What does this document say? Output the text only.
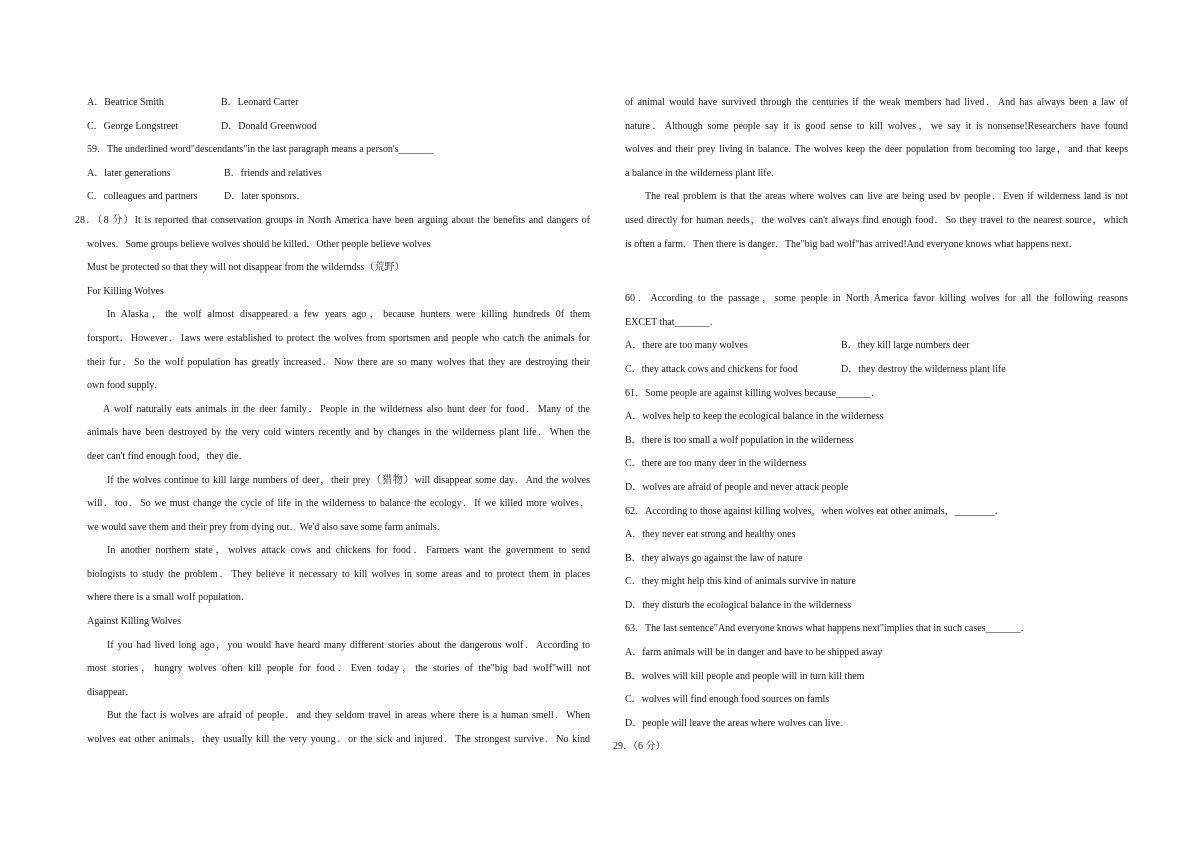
A．Beatrice Smith	B．Leonard Carter
C．George Longstreet	D．Donald Greenwood
59．The underlined word"descendants"in the last paragraph means a person's_______
A．later generations	B．friends and relatives
C．colleagues and partners	D．later sponsors．
28．（8 分）It is reported that conservation groups in North America have been arguing about the benefits and dangers of
wolves．Some groups believe wolves should be killed．Other people believe wolves
Must be protected so that they will not disappear from the wilderndss（荒野）
For Killing Wolves
In Alaska，the wolf almost disappeared a few years ago，because hunters were killing hundreds 0f them
forsport．However．1aws were established to protect the wolves from sportsmen and people who catch the animals for
their fur．So the woIf population has greatly increased．Now there are so many wolves that they are destroying their
own food supply．
A wolf naturally eats animals in the deer family．People in the wilderness also hunt deer for food．Many of the
animals have been destroyed by the very cold winters recently and by changes in the wilderness plant life．When the
deer can't find enough food，they die．
If the wolves continue to kill large numbers of deer，their prey（猎物）will disappear some day．And the wolves
will．too．So we must change the cycle of life in the wilderness to balance the ecology．If we killed more wolves，
we would save them and their prey from dying out．We'd also save some farm animals．
In another northern state，wolves attack cows and chickens for food．Farmers want the government to send
biologists to study the problem．They believe it necessary to kill wolves in some areas and to protect them in places
where there is a small woIf population．
Against Killing Wolves
If you had lived long ago，you would have heard many different stories about the dangerous wolf．According to
most stories，hungry wolves often kill people for food．Even today，the stories of the"big bad woIf"will not
disappear．
But the fact is wolves are afraid of people．and they seldom travel in areas where there is a human smell．When
wolves eat other animals，they usually kill the very young．or the sick and injured．The strongest survive．No kind
of animal would have survived through the centuries if the weak members had lived．And has always been a law of
nature．Although some people say it is good sense to kill wolves，we say it is nonsense!Researchers have found
wolves and their prey living in balance. The wolves keep the deer population from becoming too large，and that keeps
a balance in the wilderness plant life．
The real problem is that the areas where wolves can live are being used bv people．Even if wilderness land is not
used directly for human needs，the wolves can't always find enough food．So they travel to the nearest source，which
is often a farm．Then there is danger．The"big bad wolf"has arrived!And everyone knows what happens next．
60．According to the passage，some people in North America favor killing wolves for all the following reasons
EXCET that_______．
A．there are too many wolves	B．they kill large numbers deer
C．they attack cows and chickens for food	D．they destroy the wilderness plant life
61．Some people are against killing wolves because_______．
A．wolves help to keep the ecological balance in the wilderness
B．there is too small a wolf population in the wilderness
C．there are too many deer in the wilderness
D．wolves are afraid of people and never attack people
62．According to those against killing wolves，when wolves eat other animals，________．
A．they never eat strong and healthy ones
B．they always go against the law of nature
C．they might help this kind of animals survive in nature
D．they disturb the ecological balance in the wilderness
63．The last sentence"And everyone knows what happens next"implies that in such cases_______．
A．farm animals will be in danger and have to be shipped away
B．wolves will kill people and people will in turn kill them
C．wolves will find enough food sources on famls
D．people will leave the areas where wolves can live．
29．（6 分）
